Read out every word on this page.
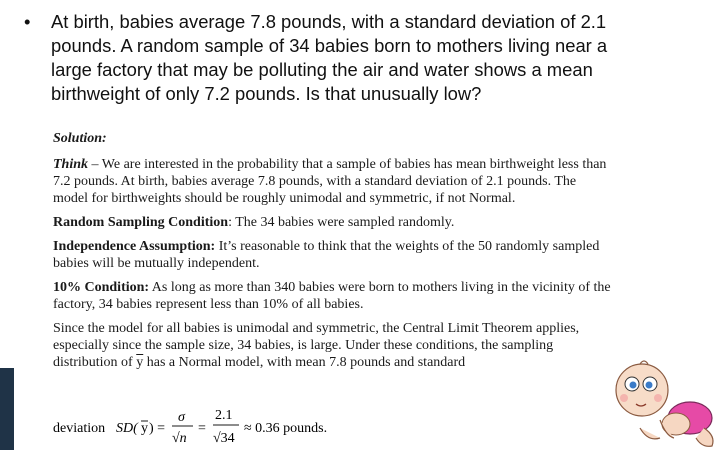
• At birth, babies average 7.8 pounds, with a standard deviation of 2.1 pounds. A random sample of 34 babies born to mothers living near a large factory that may be polluting the air and water shows a mean birthweight of only 7.2 pounds. Is that unusually low?

Solution:

Think – We are interested in the probability that a sample of babies has mean birthweight less than 7.2 pounds. At birth, babies average 7.8 pounds, with a standard deviation of 2.1 pounds. The model for birthweights should be roughly unimodal and symmetric, if not Normal.

Random Sampling Condition: The 34 babies were sampled randomly.

Independence Assumption: It’s reasonable to think that the weights of the 50 randomly sampled babies will be mutually independent.

10% Condition: As long as more than 340 babies were born to mothers living in the vicinity of the factory, 34 babies represent less than 10% of all babies.

Since the model for all babies is unimodal and symmetric, the Central Limit Theorem applies, especially since the sample size, 34 babies, is large. Under these conditions, the sampling distribution of $\overline{y}$ has a Normal model, with mean 7.8 pounds and standard

deviation SD( y ) =
σ
√n
=
2.1
√34
≈ 0.36 pounds.
